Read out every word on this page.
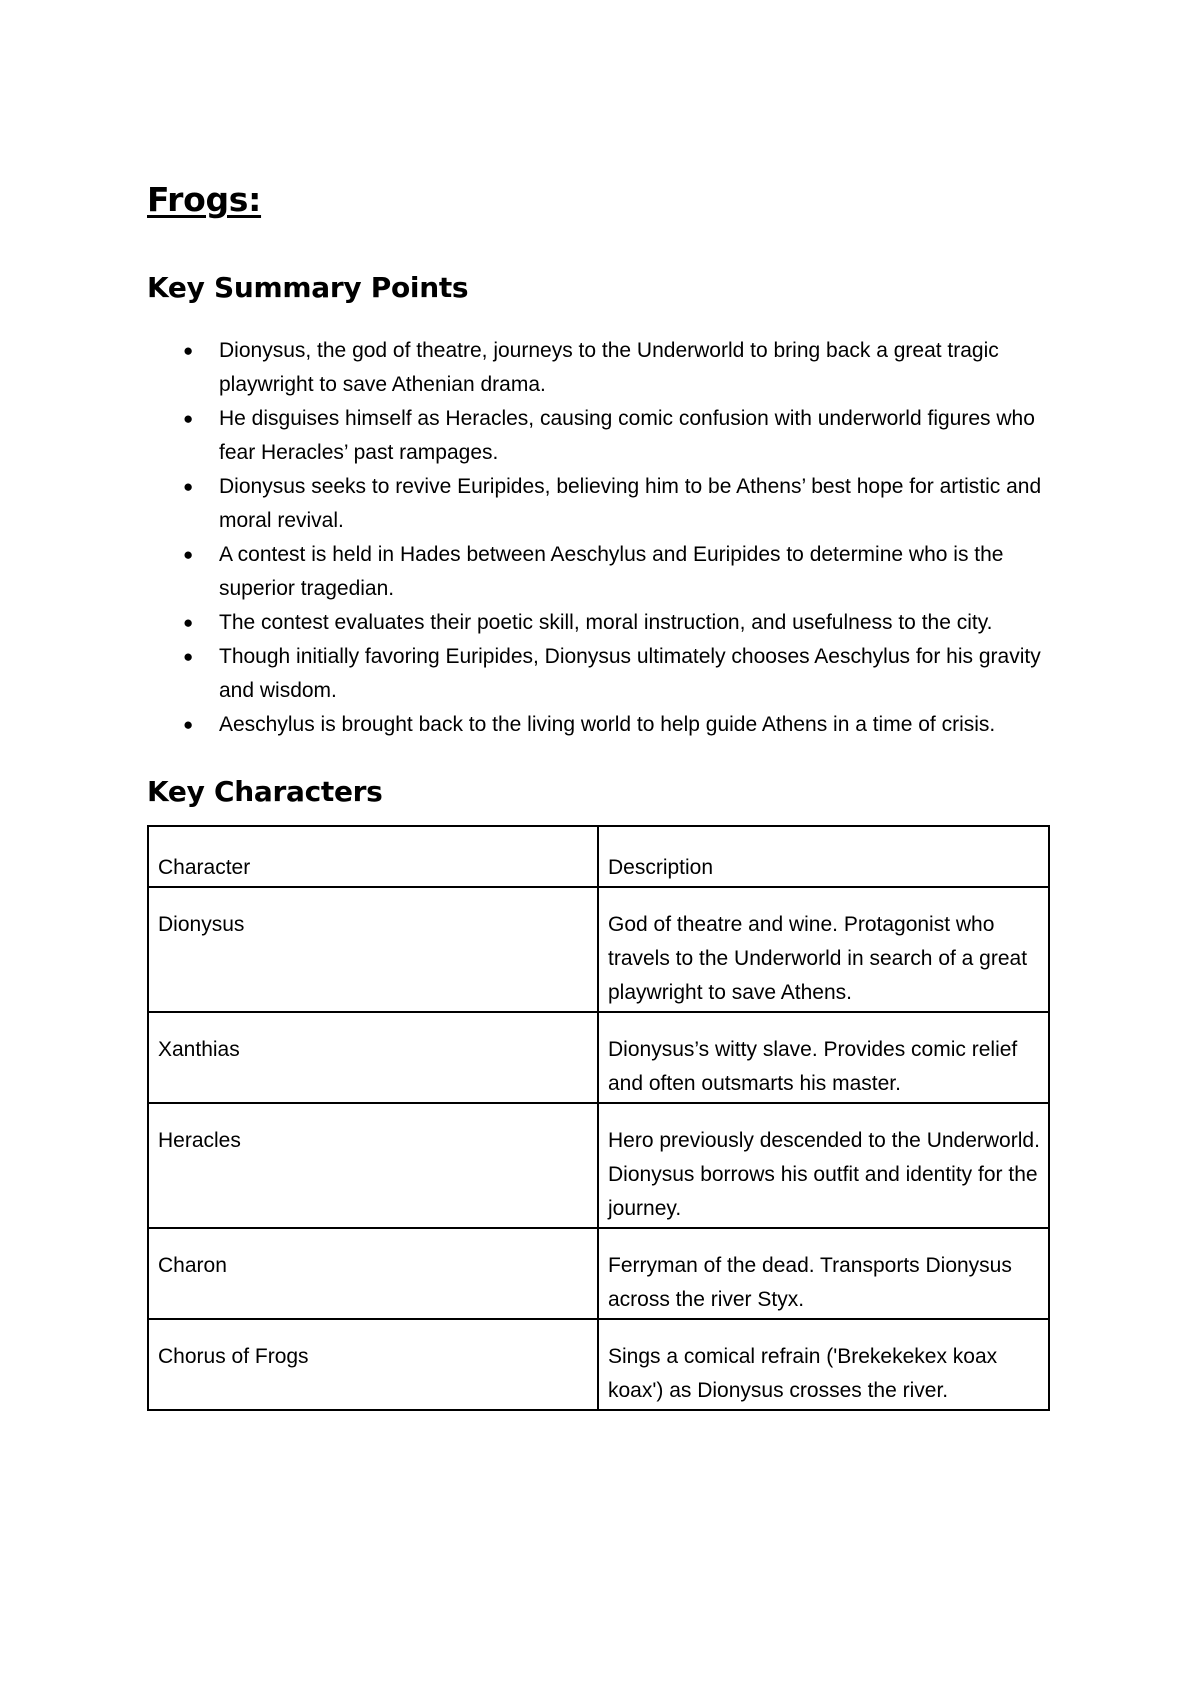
Frogs:
Key Summary Points
● Dionysus, the god of theatre, journeys to the Underworld to bring back a great tragic playwright to save Athenian drama.
● He disguises himself as Heracles, causing comic confusion with underworld figures who fear Heracles’ past rampages.
● Dionysus seeks to revive Euripides, believing him to be Athens’ best hope for artistic and moral revival.
● A contest is held in Hades between Aeschylus and Euripides to determine who is the superior tragedian.
● The contest evaluates their poetic skill, moral instruction, and usefulness to the city.
● Though initially favoring Euripides, Dionysus ultimately chooses Aeschylus for his gravity and wisdom.
● Aeschylus is brought back to the living world to help guide Athens in a time of crisis.
Key Characters
Character	Description
Dionysus	God of theatre and wine. Protagonist who travels to the Underworld in search of a great playwright to save Athens.
Xanthias	Dionysus’s witty slave. Provides comic relief and often outsmarts his master.
Heracles	Hero previously descended to the Underworld. Dionysus borrows his outfit and identity for the journey.
Charon	Ferryman of the dead. Transports Dionysus across the river Styx.
Chorus of Frogs	Sings a comical refrain ('Brekekekex koax koax') as Dionysus crosses the river.
